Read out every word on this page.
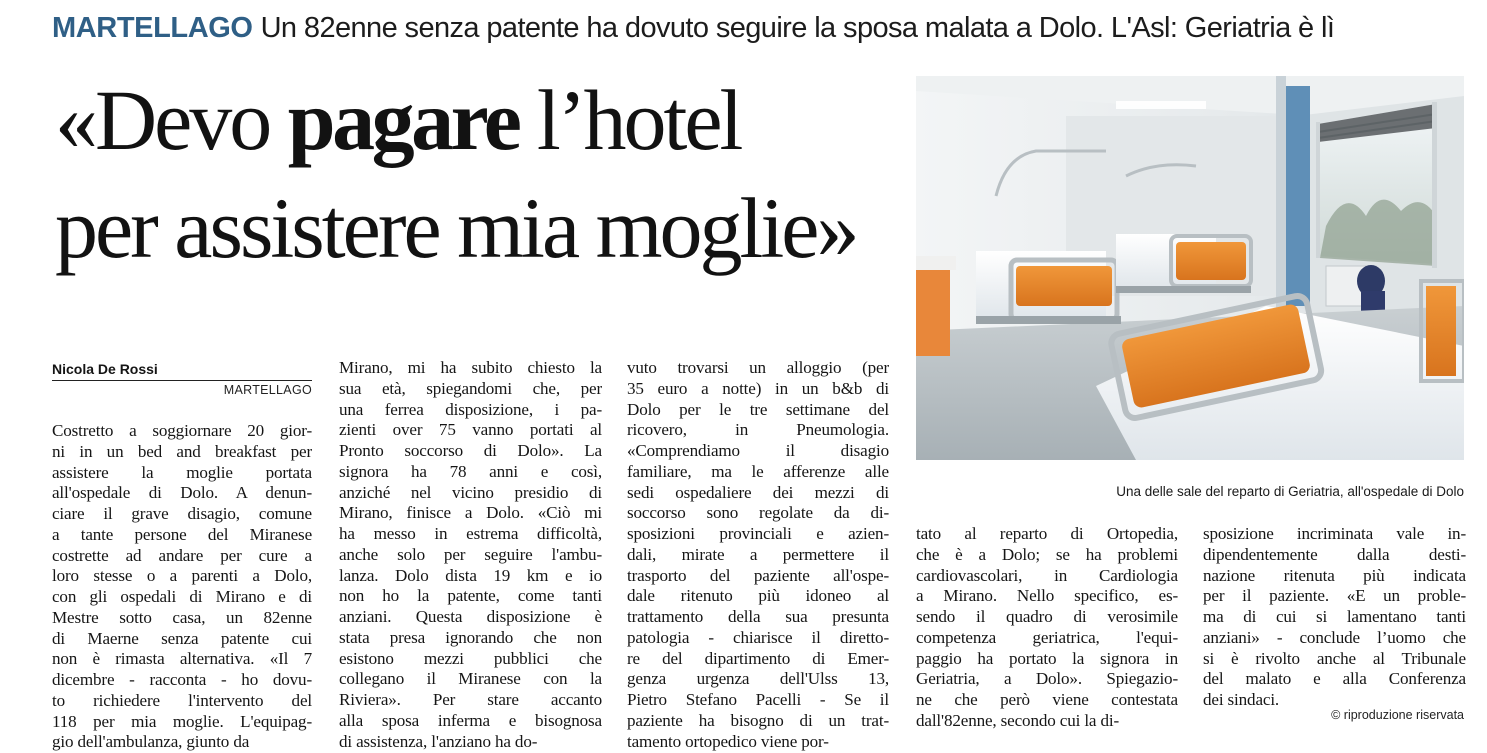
MARTELLAGO Un 82enne senza patente ha dovuto seguire la sposa malata a Dolo. L'Asl: Geriatria è lì
«Devo pagare l’hotel
per assistere mia moglie»
Nicola De Rossi
MARTELLAGO
Costretto a soggiornare 20 gior-
ni in un bed and breakfast per
assistere la moglie portata
all'ospedale di Dolo. A denun-
ciare il grave disagio, comune
a tante persone del Miranese
costrette ad andare per cure a
loro stesse o a parenti a Dolo,
con gli ospedali di Mirano e di
Mestre sotto casa, un 82enne
di Maerne senza patente cui
non è rimasta alternativa. «Il 7
dicembre - racconta - ho dovu-
to richiedere l'intervento del
118 per mia moglie. L'equipag-
gio dell'ambulanza, giunto da
Mirano, mi ha subito chiesto la
sua età, spiegandomi che, per
una ferrea disposizione, i pa-
zienti over 75 vanno portati al
Pronto soccorso di Dolo». La
signora ha 78 anni e così,
anziché nel vicino presidio di
Mirano, finisce a Dolo. «Ciò mi
ha messo in estrema difficoltà,
anche solo per seguire l'ambu-
lanza. Dolo dista 19 km e io
non ho la patente, come tanti
anziani. Questa disposizione è
stata presa ignorando che non
esistono mezzi pubblici che
collegano il Miranese con la
Riviera». Per stare accanto
alla sposa inferma e bisognosa
di assistenza, l'anziano ha do-
vuto trovarsi un alloggio (per
35 euro a notte) in un b&b di
Dolo per le tre settimane del
ricovero, in Pneumologia.
«Comprendiamo il disagio
familiare, ma le afferenze alle
sedi ospedaliere dei mezzi di
soccorso sono regolate da di-
sposizioni provinciali e azien-
dali, mirate a permettere il
trasporto del paziente all'ospe-
dale ritenuto più idoneo al
trattamento della sua presunta
patologia - chiarisce il diretto-
re del dipartimento di Emer-
genza urgenza dell'Ulss 13,
Pietro Stefano Pacelli - Se il
paziente ha bisogno di un trat-
tamento ortopedico viene por-
tato al reparto di Ortopedia,
che è a Dolo; se ha problemi
cardiovascolari, in Cardiologia
a Mirano. Nello specifico, es-
sendo il quadro di verosimile
competenza geriatrica, l'equi-
paggio ha portato la signora in
Geriatria, a Dolo». Spiegazio-
ne che però viene contestata
dall'82enne, secondo cui la di-
sposizione incriminata vale in-
dipendentemente dalla desti-
nazione ritenuta più indicata
per il paziente. «E un proble-
ma di cui si lamentano tanti
anziani» - conclude l’uomo che
si è rivolto anche al Tribunale
del malato e alla Conferenza
dei sindaci.
Una delle sale del reparto di Geriatria, all'ospedale di Dolo
© riproduzione riservata
